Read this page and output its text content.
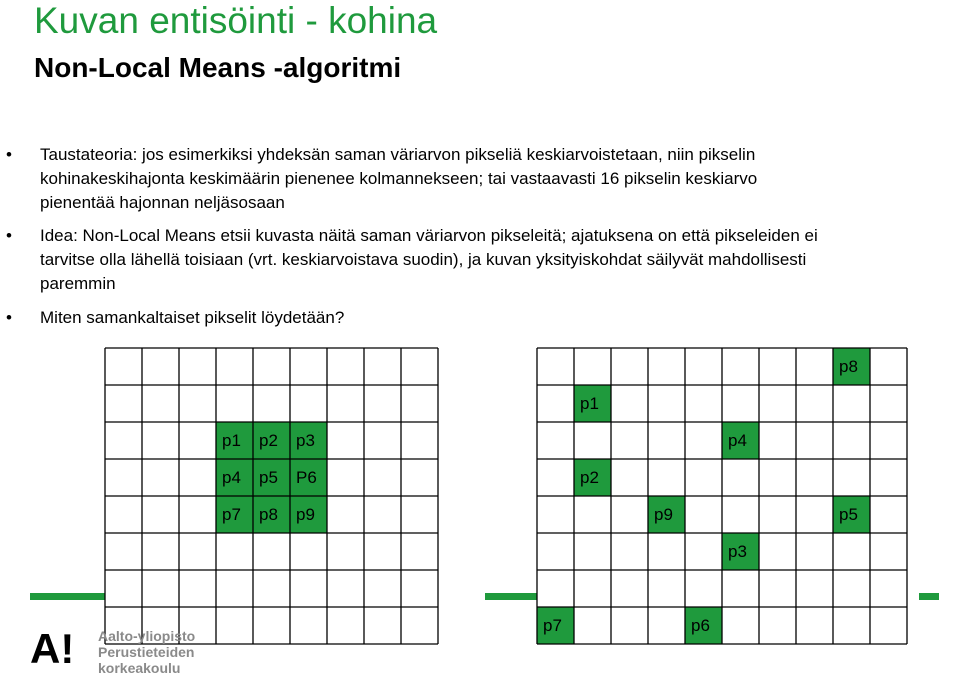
Kuvan entisöinti - kohina
Non-Local Means -algoritmi
• Taustateoria: jos esimerkiksi yhdeksän saman väriarvon pikseliä keskiarvoistetaan, niin pikselin
kohinakeskihajonta keskimäärin pienenee kolmannekseen; tai vastaavasti 16 pikselin keskiarvo
pienentää hajonnan neljäsosaan
• Idea: Non-Local Means etsii kuvasta näitä saman väriarvon pikseleitä; ajatuksena on että pikseleiden ei
tarvitse olla lähellä toisiaan (vrt. keskiarvoistava suodin), ja kuvan yksityiskohdat säilyvät mahdollisesti
paremmin
• Miten samankaltaiset pikselit löydetään?
p1	p2	p3
p4	p5	P6
p7	p8	p9
p8
p1
p4
p2
p9	p5
p3
p7	p6
A! Aalto-yliopisto
Perustieteiden
korkeakoulu
